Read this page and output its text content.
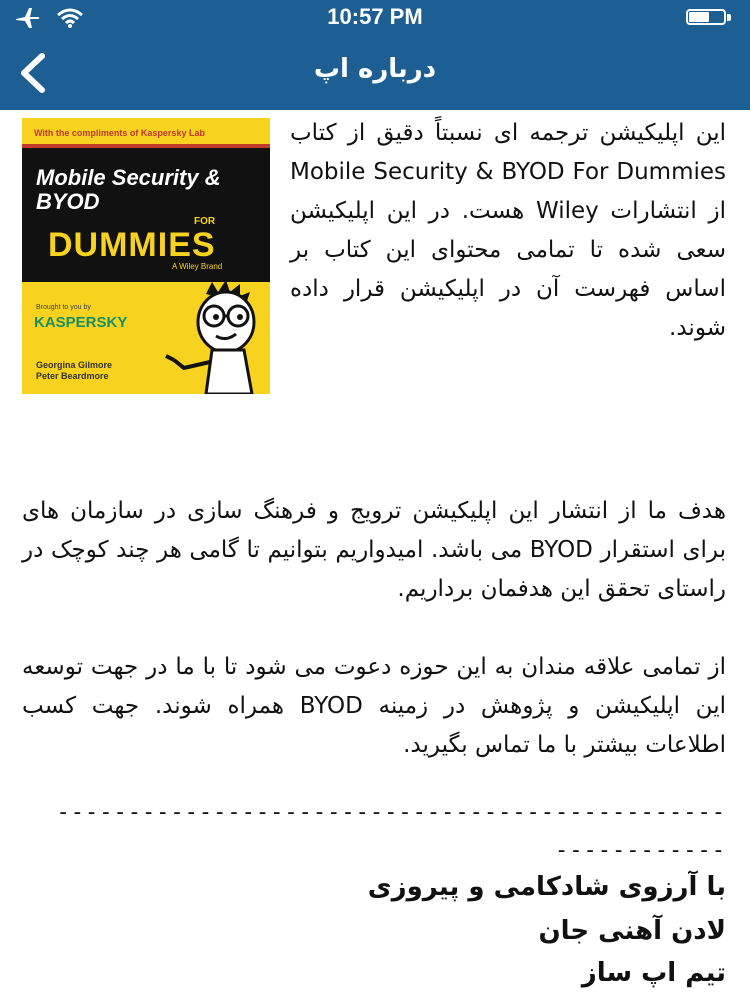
10:57 PM
درباره اپ
With the compliments of Kaspersky Lab
Mobile Security & BYOD
FOR
DUMMIES
A Wiley Brand
Brought to you by
KASPERSKY
Georgina Gilmore
Peter Beardmore

این اپلیکیشن ترجمه ای نسبتاً دقیق از کتاب Mobile Security & BYOD For Dummies از انتشارات Wiley هست. در این اپلیکیشن سعی شده تا تمامی محتوای این کتاب بر اساس فهرست آن در اپلیکیشن قرار داده شوند.

هدف ما از انتشار این اپلیکیشن ترویج و فرهنگ سازی در سازمان های برای استقرار BYOD می باشد. امیدواریم بتوانیم تا گامی هر چند کوچک در راستای تحقق این هدفمان برداریم.

از تمامی علاقه مندان به این حوزه دعوت می شود تا با ما در جهت توسعه این اپلیکیشن و پژوهش در زمینه BYOD همراه شوند. جهت کسب اطلاعات بیشتر با ما تماس بگیرید.

-----------------------------------------------
------------
با آرزوی شادکامی و پیروزی
لادن آهنی جان
تیم اپ ساز
